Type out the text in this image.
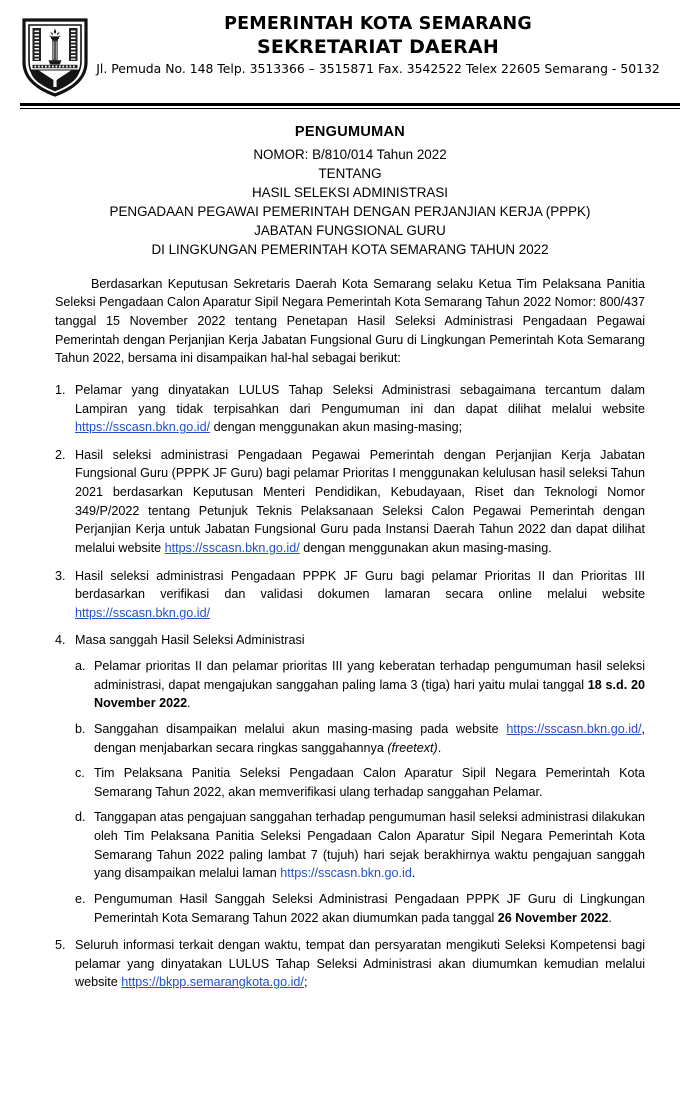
PEMERINTAH KOTA SEMARANG
SEKRETARIAT DAERAH
Jl. Pemuda No. 148 Telp. 3513366 – 3515871 Fax. 3542522 Telex 22605 Semarang - 50132
PENGUMUMAN
NOMOR: B/810/014 Tahun 2022
TENTANG
HASIL SELEKSI ADMINISTRASI
PENGADAAN PEGAWAI PEMERINTAH DENGAN PERJANJIAN KERJA (PPPK)
JABATAN FUNGSIONAL GURU
DI LINGKUNGAN PEMERINTAH KOTA SEMARANG TAHUN 2022

Berdasarkan Keputusan Sekretaris Daerah Kota Semarang selaku Ketua Tim Pelaksana Panitia Seleksi Pengadaan Calon Aparatur Sipil Negara Pemerintah Kota Semarang Tahun 2022 Nomor: 800/437 tanggal 15 November 2022 tentang Penetapan Hasil Seleksi Administrasi Pengadaan Pegawai Pemerintah dengan Perjanjian Kerja Jabatan Fungsional Guru di Lingkungan Pemerintah Kota Semarang Tahun 2022, bersama ini disampaikan hal-hal sebagai berikut:

1. Pelamar yang dinyatakan LULUS Tahap Seleksi Administrasi sebagaimana tercantum dalam Lampiran yang tidak terpisahkan dari Pengumuman ini dan dapat dilihat melalui website https://sscasn.bkn.go.id/ dengan menggunakan akun masing-masing;
2. Hasil seleksi administrasi Pengadaan Pegawai Pemerintah dengan Perjanjian Kerja Jabatan Fungsional Guru (PPPK JF Guru) bagi pelamar Prioritas I menggunakan kelulusan hasil seleksi Tahun 2021 berdasarkan Keputusan Menteri Pendidikan, Kebudayaan, Riset dan Teknologi Nomor 349/P/2022 tentang Petunjuk Teknis Pelaksanaan Seleksi Calon Pegawai Pemerintah dengan Perjanjian Kerja untuk Jabatan Fungsional Guru pada Instansi Daerah Tahun 2022 dan dapat dilihat melalui website https://sscasn.bkn.go.id/ dengan menggunakan akun masing-masing.
3. Hasil seleksi administrasi Pengadaan PPPK JF Guru bagi pelamar Prioritas II dan Prioritas III berdasarkan verifikasi dan validasi dokumen lamaran secara online melalui website https://sscasn.bkn.go.id/
4. Masa sanggah Hasil Seleksi Administrasi
a. Pelamar prioritas II dan pelamar prioritas III yang keberatan terhadap pengumuman hasil seleksi administrasi, dapat mengajukan sanggahan paling lama 3 (tiga) hari yaitu mulai tanggal 18 s.d. 20 November 2022.
b. Sanggahan disampaikan melalui akun masing-masing pada website https://sscasn.bkn.go.id/, dengan menjabarkan secara ringkas sanggahannya (freetext).
c. Tim Pelaksana Panitia Seleksi Pengadaan Calon Aparatur Sipil Negara Pemerintah Kota Semarang Tahun 2022, akan memverifikasi ulang terhadap sanggahan Pelamar.
d. Tanggapan atas pengajuan sanggahan terhadap pengumuman hasil seleksi administrasi dilakukan oleh Tim Pelaksana Panitia Seleksi Pengadaan Calon Aparatur Sipil Negara Pemerintah Kota Semarang Tahun 2022 paling lambat 7 (tujuh) hari sejak berakhirnya waktu pengajuan sanggah yang disampaikan melalui laman https://sscasn.bkn.go.id.
e. Pengumuman Hasil Sanggah Seleksi Administrasi Pengadaan PPPK JF Guru di Lingkungan Pemerintah Kota Semarang Tahun 2022 akan diumumkan pada tanggal 26 November 2022.
5. Seluruh informasi terkait dengan waktu, tempat dan persyaratan mengikuti Seleksi Kompetensi bagi pelamar yang dinyatakan LULUS Tahap Seleksi Administrasi akan diumumkan kemudian melalui website https://bkpp.semarangkota.go.id/;
